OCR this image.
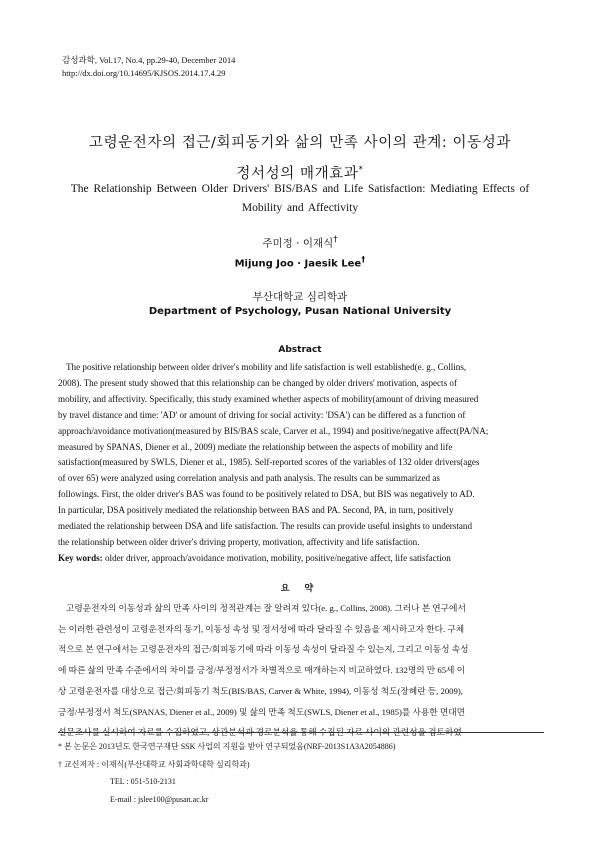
감성과학, Vol.17, No.4, pp.29-40, December 2014
http://dx.doi.org/10.14695/KJSOS.2014.17.4.29
고령운전자의 접근/회피동기와 삶의 만족 사이의 관계: 이동성과
정서성의 매개효과*
The Relationship Between Older Drivers' BIS/BAS and Life Satisfaction: Mediating Effects of
Mobility and Affectivity
주미정 · 이재식†
Mijung Joo · Jaesik Lee†
부산대학교 심리학과
Department of Psychology, Pusan National University
Abstract
The positive relationship between older driver's mobility and life satisfaction is well established(e. g., Collins,
2008). The present study showed that this relationship can be changed by older drivers' motivation, aspects of
mobility, and affectivity. Specifically, this study examined whether aspects of mobility(amount of driving measured
by travel distance and time: 'AD' or amount of driving for social activity: 'DSA') can be differed as a function of
approach/avoidance motivation(measured by BIS/BAS scale, Carver et al., 1994) and positive/negative affect(PA/NA;
measured by SPANAS, Diener et al., 2009) mediate the relationship between the aspects of mobility and life
satisfaction(measured by SWLS, Diener et al., 1985). Self-reported scores of the variables of 132 older drivers(ages
of over 65) were analyzed using correlation analysis and path analysis. The results can be summarized as
followings. First, the older driver's BAS was found to be positively related to DSA, but BIS was negatively to AD.
In particular, DSA positively mediated the relationship between BAS and PA. Second, PA, in turn, positively
mediated the relationship between DSA and life satisfaction. The results can provide useful insights to understand
the relationship between older driver's driving property, motivation, affectivity and life satisfaction.
Key words: older driver, approach/avoidance motivation, mobility, positive/negative affect, life satisfaction
요 약
고령운전자의 이동성과 삶의 만족 사이의 정적관계는 잘 알려져 있다(e. g., Collins, 2008). 그러나 본 연구에서
는 이러한 관련성이 고령운전자의 동기, 이동성 속성 및 정서성에 따라 달라질 수 있음을 제시하고자 한다. 구체
적으로 본 연구에서는 고령운전자의 접근/회피동기에 따라 이동성 속성이 달라질 수 있는지, 그리고 이동성 속성
에 따른 삶의 만족 수준에서의 차이를 긍정/부정정서가 차별적으로 매개하는지 비교하였다. 132명의 만 65세 이
상 고령운전자를 대상으로 접근/회피동기 척도(BIS/BAS, Carver & White, 1994), 이동성 척도(장혜란 등, 2009),
긍정/부정정서 척도(SPANAS, Diener et al., 2009) 및 삶의 만족 척도(SWLS, Diener et al., 1985)를 사용한 면대면
설문조사를 실시하여 자료를 수집하였고, 상관분석과 경로분석을 통해 수집된 자료 사이의 관련성을 검토하였
* 본 논문은 2013년도 한국연구재단 SSK 사업의 지원을 받아 연구되었음(NRF-2013S1A3A2054886)
† 교신저자 : 이재식(부산대학교 사회과학대학 심리학과)
TEL : 051-510-2131
E-mail : jslee100@pusan.ac.kr
